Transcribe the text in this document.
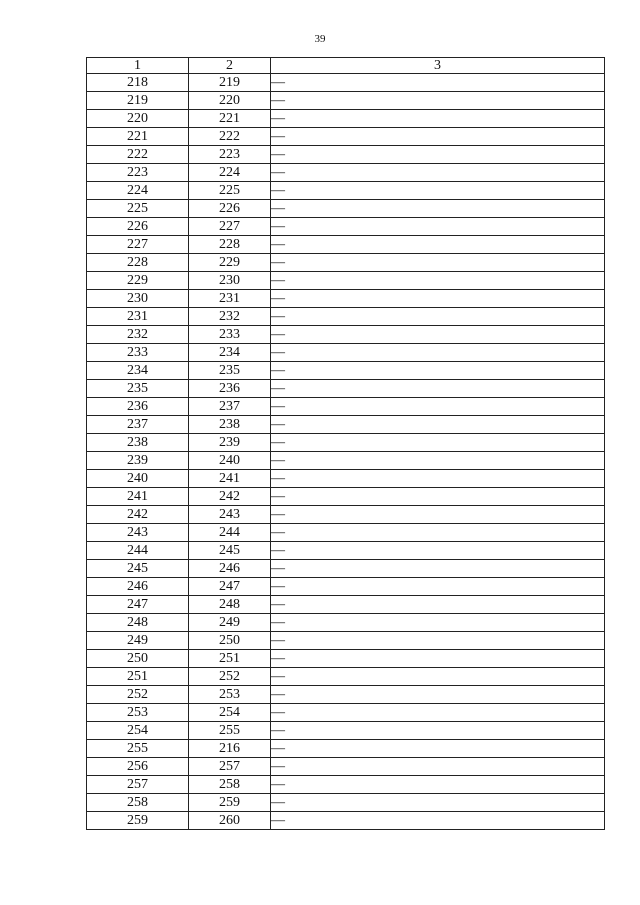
39
1	2	3
218	219	—
219	220	—
220	221	—
221	222	—
222	223	—
223	224	—
224	225	—
225	226	—
226	227	—
227	228	—
228	229	—
229	230	—
230	231	—
231	232	—
232	233	—
233	234	—
234	235	—
235	236	—
236	237	—
237	238	—
238	239	—
239	240	—
240	241	—
241	242	—
242	243	—
243	244	—
244	245	—
245	246	—
246	247	—
247	248	—
248	249	—
249	250	—
250	251	—
251	252	—
252	253	—
253	254	—
254	255	—
255	216	—
256	257	—
257	258	—
258	259	—
259	260	—
